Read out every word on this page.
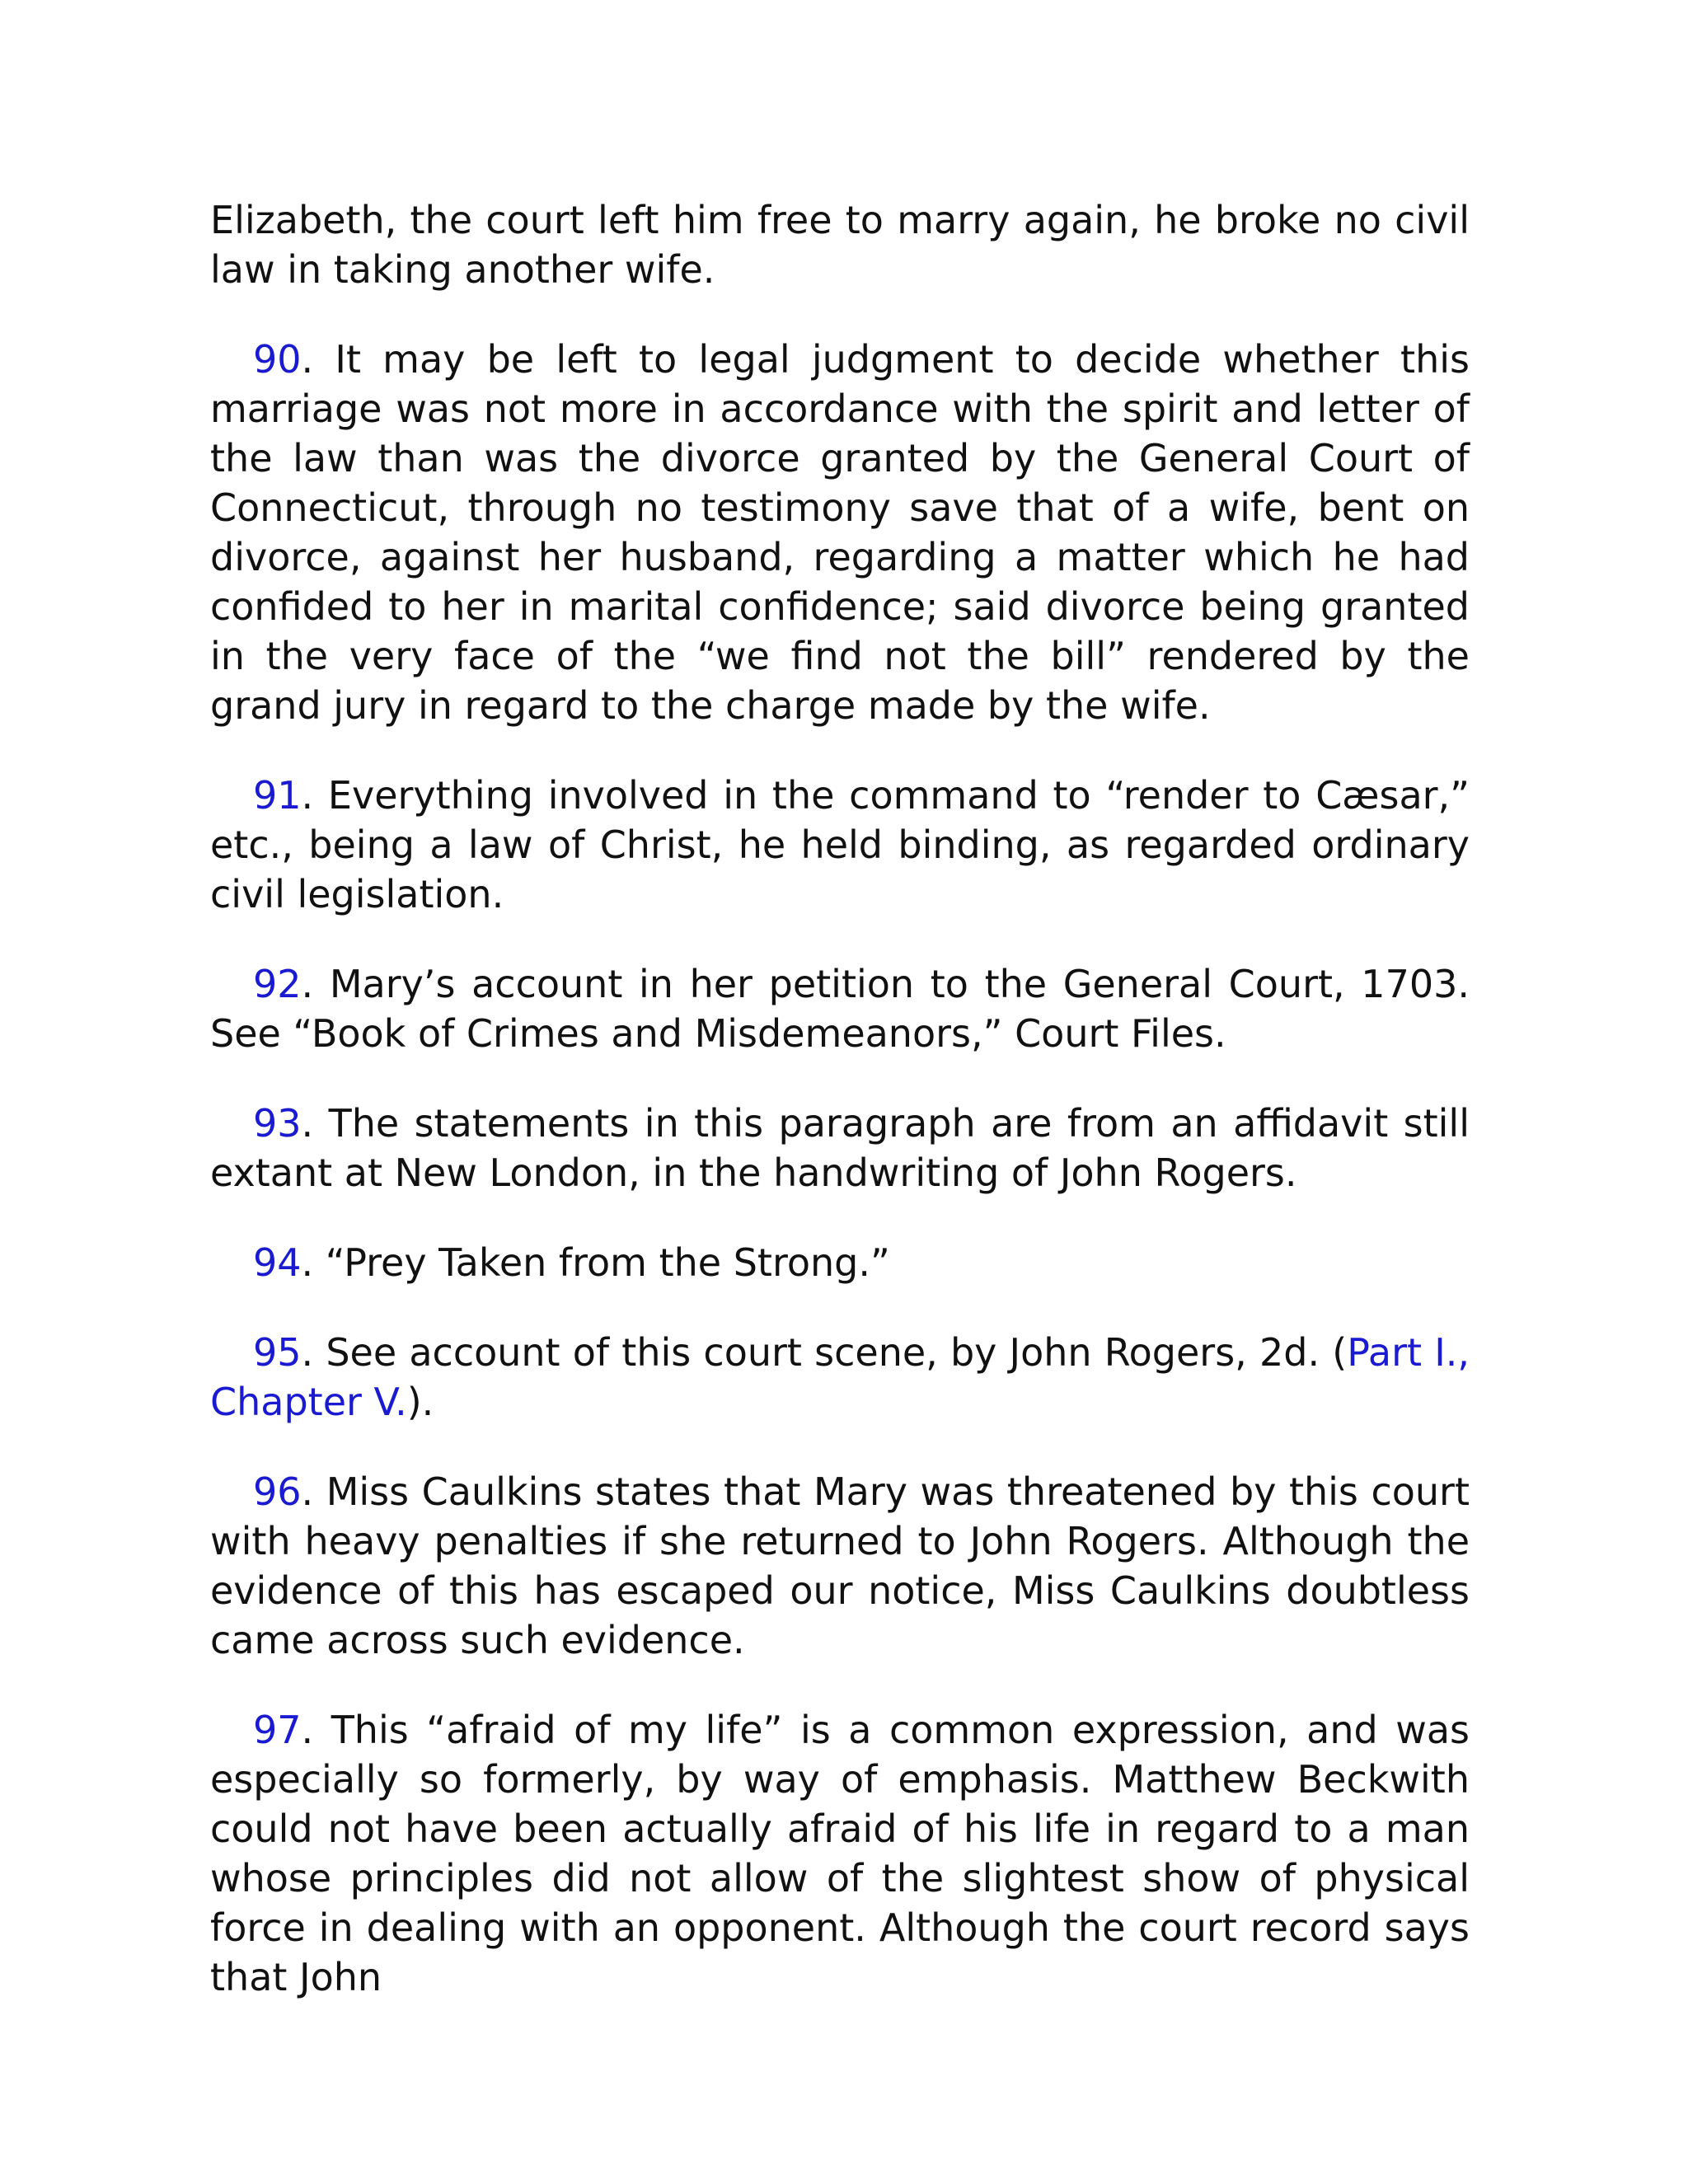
Elizabeth, the court left him free to marry again, he broke no civil law in taking another wife.

90. It may be left to legal judgment to decide whether this marriage was not more in accordance with the spirit and letter of the law than was the divorce granted by the General Court of Connecticut, through no testimony save that of a wife, bent on divorce, against her husband, regarding a matter which he had confided to her in marital confidence; said divorce being granted in the very face of the “we find not the bill” rendered by the grand jury in regard to the charge made by the wife.

91. Everything involved in the command to “render to Cæsar,” etc., being a law of Christ, he held binding, as regarded ordinary civil legislation.

92. Mary’s account in her petition to the General Court, 1703. See “Book of Crimes and Misdemeanors,” Court Files.

93. The statements in this paragraph are from an affidavit still extant at New London, in the handwriting of John Rogers.

94. “Prey Taken from the Strong.”

95. See account of this court scene, by John Rogers, 2d. (Part I., Chapter V.).

96. Miss Caulkins states that Mary was threatened by this court with heavy penalties if she returned to John Rogers. Although the evidence of this has escaped our notice, Miss Caulkins doubtless came across such evidence.

97. This “afraid of my life” is a common expression, and was especially so formerly, by way of emphasis. Matthew Beckwith could not have been actually afraid of his life in regard to a man whose principles did not allow of the slightest show of physical force in dealing with an opponent. Although the court record says that John
